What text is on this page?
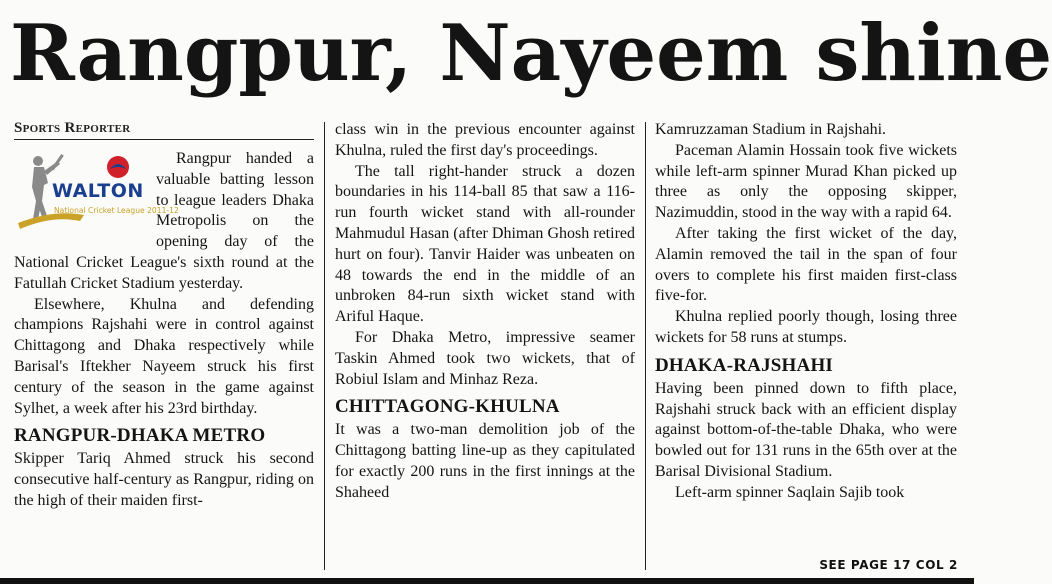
Rangpur, Nayeem shine
Sports Reporter
WALTON
National Cricket League 2011-12

Rangpur handed a valuable batting lesson to league leaders Dhaka Metropolis on the opening day of the National Cricket League's sixth round at the Fatullah Cricket Stadium yesterday.

Elsewhere, Khulna and defending champions Rajshahi were in control against Chittagong and Dhaka respectively while Barisal's Iftekher Nayeem struck his first century of the season in the game against Sylhet, a week after his 23rd birthday.

RANGPUR-DHAKA METRO

Skipper Tariq Ahmed struck his second consecutive half-century as Rangpur, riding on the high of their maiden first-

class win in the previous encounter against Khulna, ruled the first day's proceedings.

The tall right-hander struck a dozen boundaries in his 114-ball 85 that saw a 116-run fourth wicket stand with all-rounder Mahmudul Hasan (after Dhiman Ghosh retired hurt on four). Tanvir Haider was unbeaten on 48 towards the end in the middle of an unbroken 84-run sixth wicket stand with Ariful Haque.

For Dhaka Metro, impressive seamer Taskin Ahmed took two wickets, that of Robiul Islam and Minhaz Reza.

CHITTAGONG-KHULNA

It was a two-man demolition job of the Chittagong batting line-up as they capitulated for exactly 200 runs in the first innings at the Shaheed

Kamruzzaman Stadium in Rajshahi.

Paceman Alamin Hossain took five wickets while left-arm spinner Murad Khan picked up three as only the opposing skipper, Nazimuddin, stood in the way with a rapid 64.

After taking the first wicket of the day, Alamin removed the tail in the span of four overs to complete his first maiden first-class five-for.

Khulna replied poorly though, losing three wickets for 58 runs at stumps.

DHAKA-RAJSHAHI

Having been pinned down to fifth place, Rajshahi struck back with an efficient display against bottom-of-the-table Dhaka, who were bowled out for 131 runs in the 65th over at the Barisal Divisional Stadium.

Left-arm spinner Saqlain Sajib took

SEE PAGE 17 COL 2
